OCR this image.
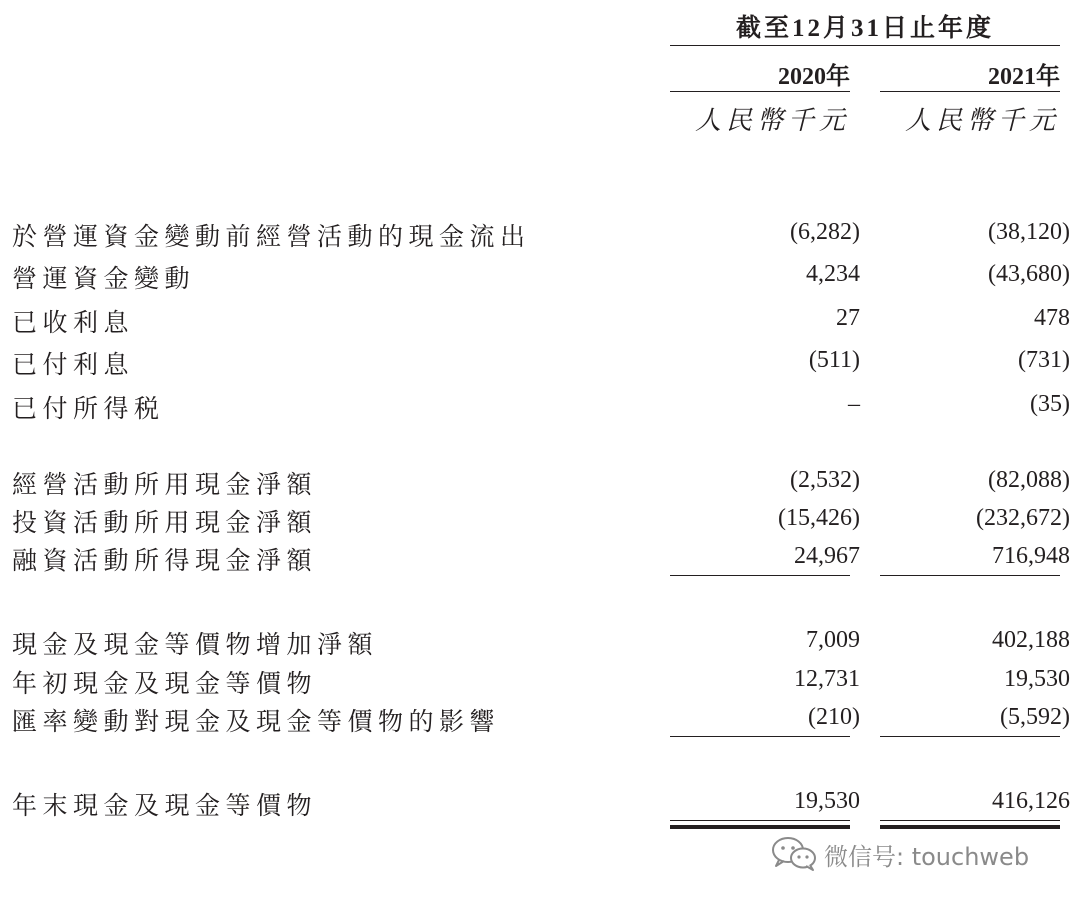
截至12月31日止年度
2020年	2021年
人民幣千元	人民幣千元
於營運資金變動前經營活動的現金流出	(6,282)	(38,120)
營運資金變動	4,234	(43,680)
已收利息	27	478
已付利息	(511)	(731)
已付所得税	–	(35)
經營活動所用現金淨額	(2,532)	(82,088)
投資活動所用現金淨額	(15,426)	(232,672)
融資活動所得現金淨額	24,967	716,948
現金及現金等價物增加淨額	7,009	402,188
年初現金及現金等價物	12,731	19,530
匯率變動對現金及現金等價物的影響	(210)	(5,592)
年末現金及現金等價物	19,530	416,126
微信号: touchweb
